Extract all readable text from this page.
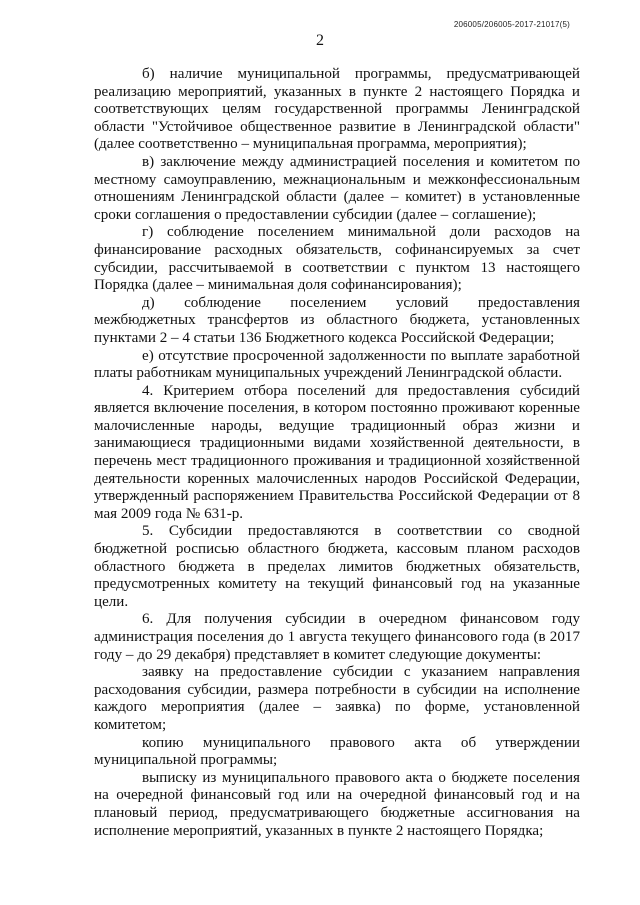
206005/206005-2017-21017(5)
2

б) наличие муниципальной программы, предусматривающей реализацию мероприятий, указанных в пункте 2 настоящего Порядка и соответствующих целям государственной программы Ленинградской области "Устойчивое общественное развитие в Ленинградской области" (далее соответственно – муниципальная программа, мероприятия);

в) заключение между администрацией поселения и комитетом по местному самоуправлению, межнациональным и межконфессиональным отношениям Ленинградской области (далее – комитет) в установленные сроки соглашения о предоставлении субсидии (далее – соглашение);

г) соблюдение поселением минимальной доли расходов на финансирование расходных обязательств, софинансируемых за счет субсидии, рассчитываемой в соответствии с пунктом 13 настоящего Порядка (далее – минимальная доля софинансирования);

д) соблюдение поселением условий предоставления межбюджетных трансфертов из областного бюджета, установленных пунктами 2 – 4 статьи 136 Бюджетного кодекса Российской Федерации;

е) отсутствие просроченной задолженности по выплате заработной платы работникам муниципальных учреждений Ленинградской области.

4. Критерием отбора поселений для предоставления субсидий является включение поселения, в котором постоянно проживают коренные малочисленные народы, ведущие традиционный образ жизни и занимающиеся традиционными видами хозяйственной деятельности, в перечень мест традиционного проживания и традиционной хозяйственной деятельности коренных малочисленных народов Российской Федерации, утвержденный распоряжением Правительства Российской Федерации от 8 мая 2009 года № 631-р.

5. Субсидии предоставляются в соответствии со сводной бюджетной росписью областного бюджета, кассовым планом расходов областного бюджета в пределах лимитов бюджетных обязательств, предусмотренных комитету на текущий финансовый год на указанные цели.

6. Для получения субсидии в очередном финансовом году администрация поселения до 1 августа текущего финансового года (в 2017 году – до 29 декабря) представляет в комитет следующие документы:

заявку на предоставление субсидии с указанием направления расходования субсидии, размера потребности в субсидии на исполнение каждого мероприятия (далее – заявка) по форме, установленной комитетом;

копию муниципального правового акта об утверждении муниципальной программы;

выписку из муниципального правового акта о бюджете поселения на очередной финансовый год или на очередной финансовый год и на плановый период, предусматривающего бюджетные ассигнования на исполнение мероприятий, указанных в пункте 2 настоящего Порядка;
